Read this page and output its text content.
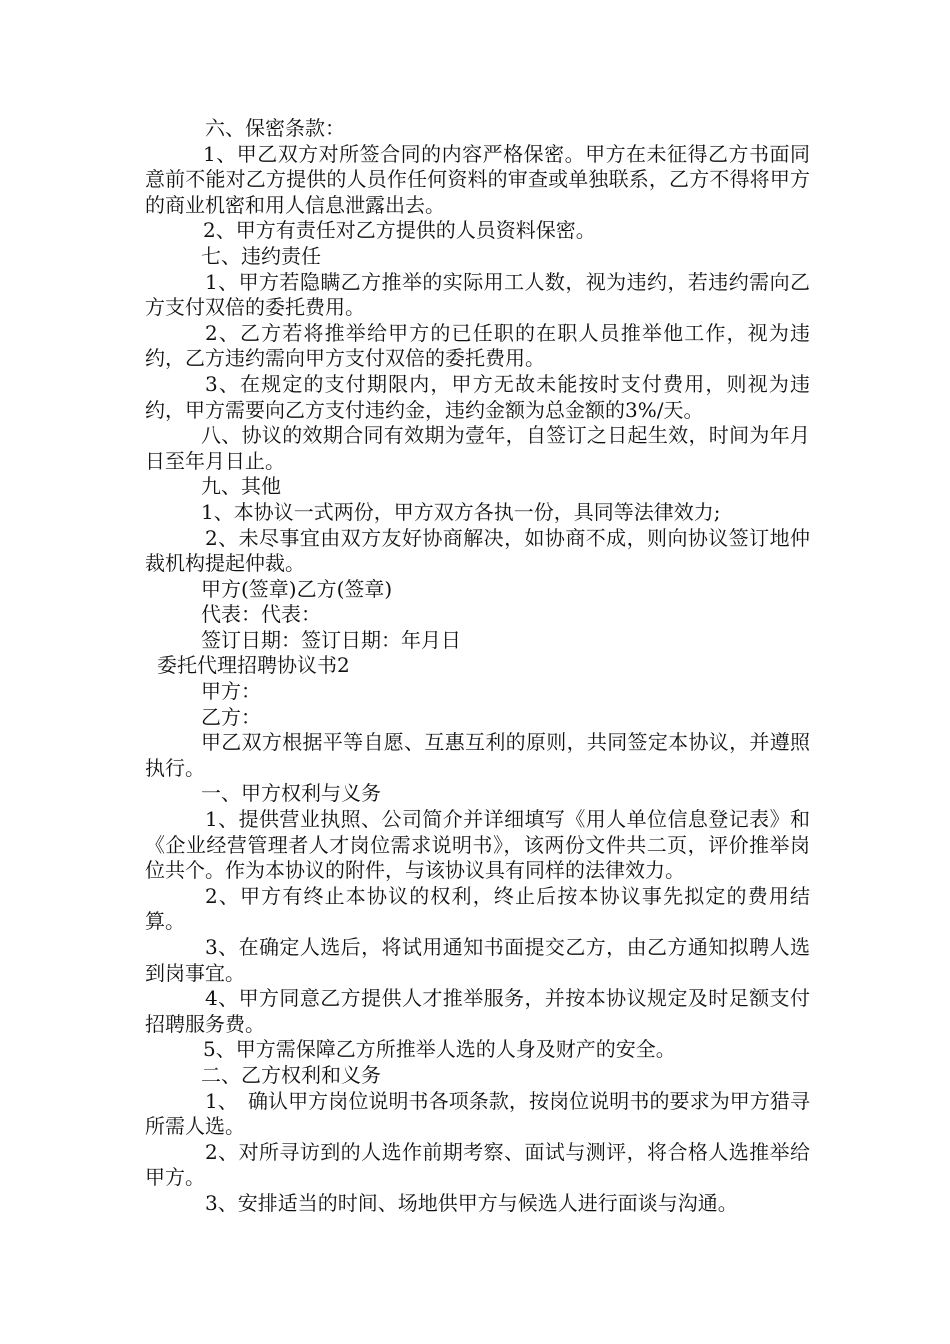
六、保密条款：

1、甲乙双方对所签合同的内容严格保密。甲方在未征得乙方书面同意前不能对乙方提供的人员作任何资料的审查或单独联系，乙方不得将甲方的商业机密和用人信息泄露出去。

2、甲方有责任对乙方提供的人员资料保密。

七、违约责任

1、甲方若隐瞒乙方推举的实际用工人数，视为违约，若违约需向乙方支付双倍的委托费用。

2、乙方若将推举给甲方的已任职的在职人员推举他工作，视为违约，乙方违约需向甲方支付双倍的委托费用。

3、在规定的支付期限内，甲方无故未能按时支付费用，则视为违约，甲方需要向乙方支付违约金，违约金额为总金额的3%/天。

八、协议的效期合同有效期为壹年，自签订之日起生效，时间为年月日至年月日止。

九、其他

1、本协议一式两份，甲方双方各执一份，具同等法律效力;

2、未尽事宜由双方友好协商解决，如协商不成，则向协议签订地仲裁机构提起仲裁。

甲方(签章)乙方(签章)

代表：代表：

签订日期：签订日期：年月日

委托代理招聘协议书2

甲方：

乙方：

甲乙双方根据平等自愿、互惠互利的原则，共同签定本协议，并遵照执行。

一、甲方权利与义务

1、提供营业执照、公司简介并详细填写《用人单位信息登记表》和《企业经营管理者人才岗位需求说明书》，该两份文件共二页，评价推举岗位共个。作为本协议的附件，与该协议具有同样的法律效力。

2、甲方有终止本协议的权利，终止后按本协议事先拟定的费用结算。

3、在确定人选后，将试用通知书面提交乙方，由乙方通知拟聘人选到岗事宜。

4、甲方同意乙方提供人才推举服务，并按本协议规定及时足额支付招聘服务费。

5、甲方需保障乙方所推举人选的人身及财产的安全。

二、乙方权利和义务

1、　确认甲方岗位说明书各项条款，按岗位说明书的要求为甲方猎寻所需人选。

2、对所寻访到的人选作前期考察、面试与测评，将合格人选推举给甲方。

3、安排适当的时间、场地供甲方与候选人进行面谈与沟通。
